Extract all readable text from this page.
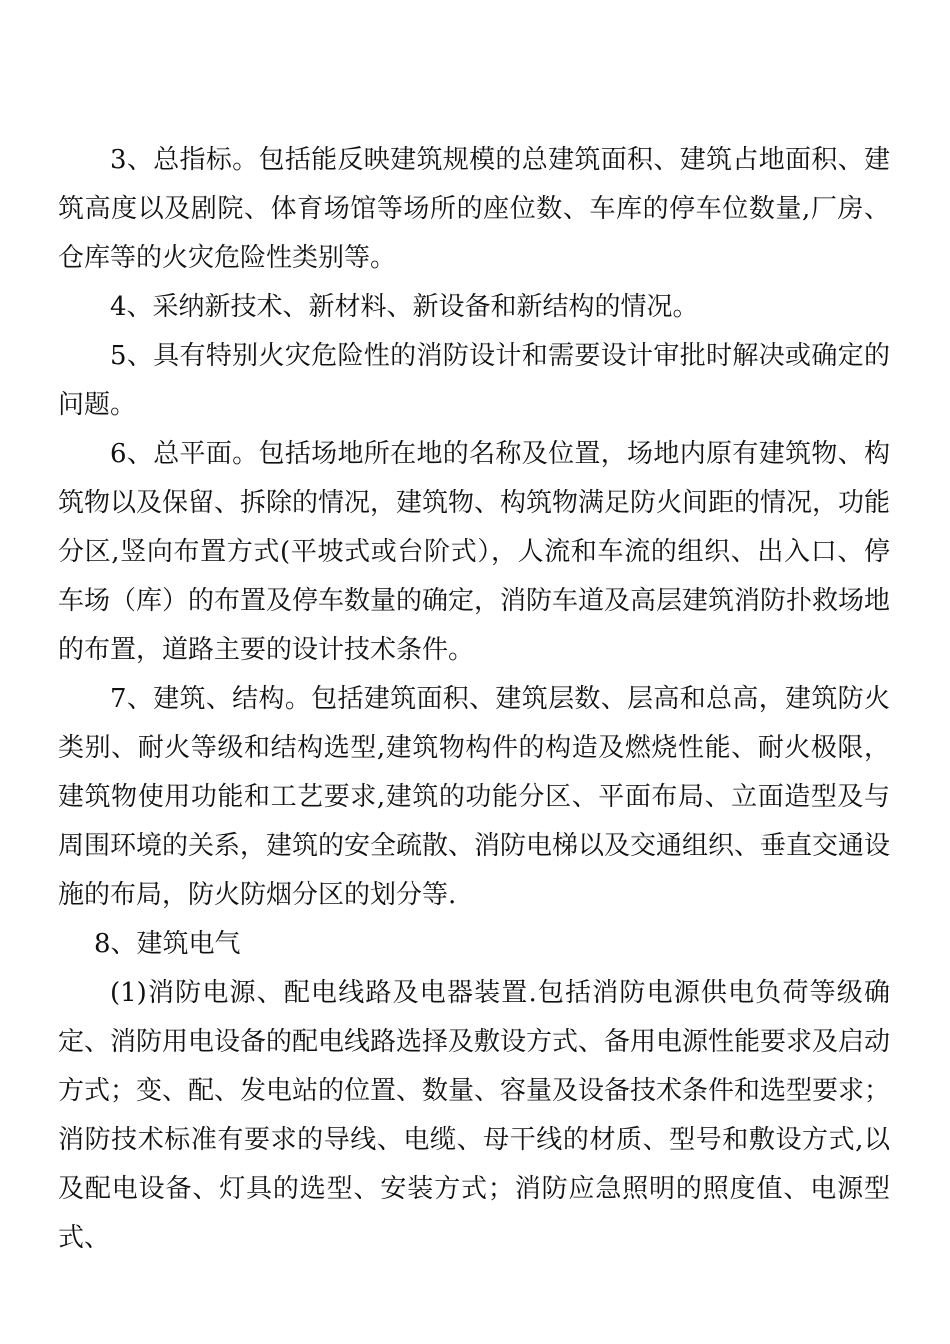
3、总指标。包括能反映建筑规模的总建筑面积、建筑占地面积、建筑高度以及剧院、体育场馆等场所的座位数、车库的停车位数量,厂房、仓库等的火灾危险性类别等。

4、采纳新技术、新材料、新设备和新结构的情况。

5、具有特别火灾危险性的消防设计和需要设计审批时解决或确定的问题。

6、总平面。包括场地所在地的名称及位置，场地内原有建筑物、构筑物以及保留、拆除的情况，建筑物、构筑物满足防火间距的情况，功能分区,竖向布置方式(平坡式或台阶式），人流和车流的组织、出入口、停车场（库）的布置及停车数量的确定，消防车道及高层建筑消防扑救场地的布置，道路主要的设计技术条件。

7、建筑、结构。包括建筑面积、建筑层数、层高和总高，建筑防火类别、耐火等级和结构选型,建筑物构件的构造及燃烧性能、耐火极限，建筑物使用功能和工艺要求,建筑的功能分区、平面布局、立面造型及与周围环境的关系，建筑的安全疏散、消防电梯以及交通组织、垂直交通设施的布局，防火防烟分区的划分等.

8、建筑电气

(1)消防电源、配电线路及电器装置.包括消防电源供电负荷等级确定、消防用电设备的配电线路选择及敷设方式、备用电源性能要求及启动方式；变、配、发电站的位置、数量、容量及设备技术条件和选型要求；消防技术标准有要求的导线、电缆、母干线的材质、型号和敷设方式,以及配电设备、灯具的选型、安装方式；消防应急照明的照度值、电源型式、
